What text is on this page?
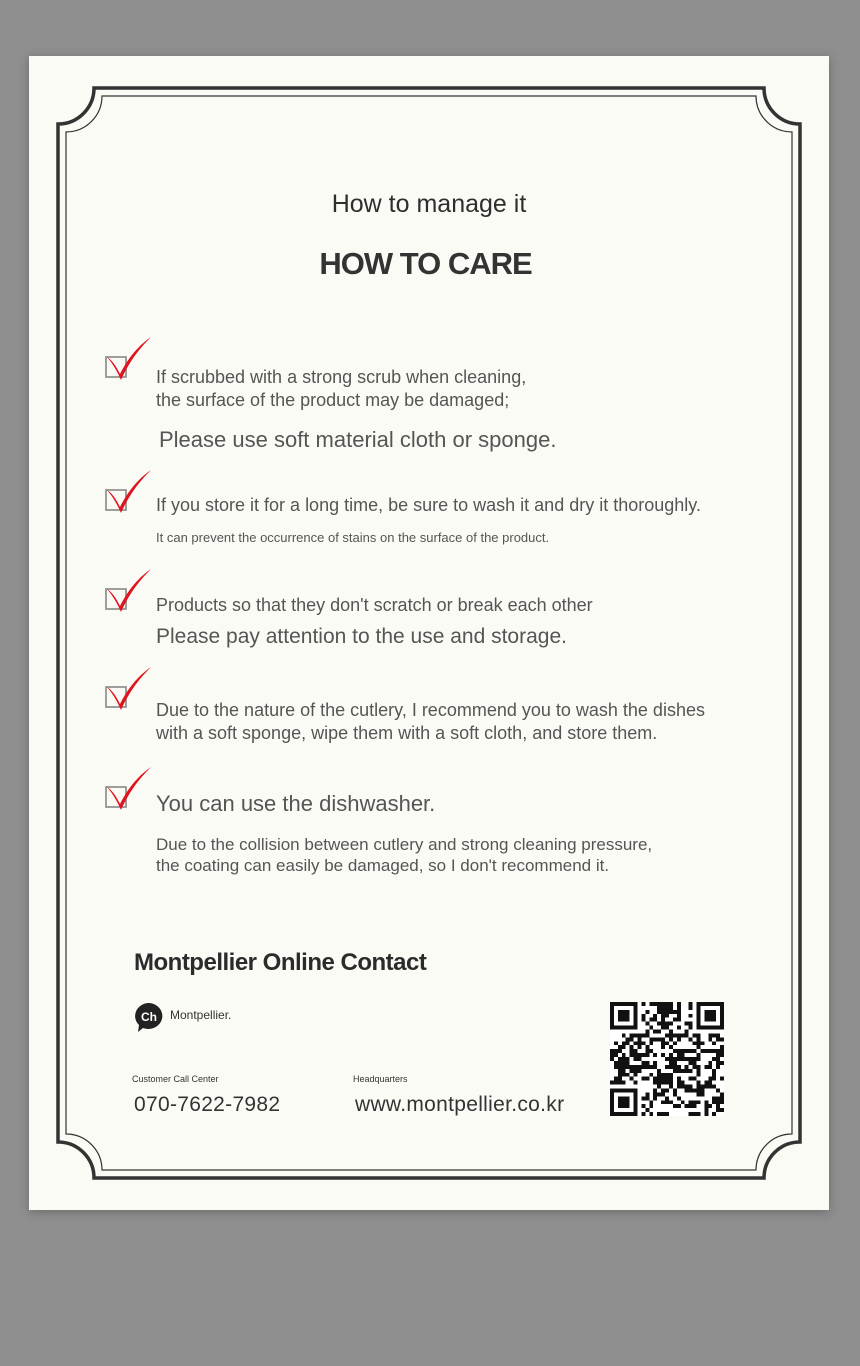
How to manage it
HOW TO CARE
If scrubbed with a strong scrub when cleaning,
the surface of the product may be damaged;
Please use soft material cloth or sponge.
If you store it for a long time, be sure to wash it and dry it thoroughly.
It can prevent the occurrence of stains on the surface of the product.
Products so that they don't scratch or break each other
Please pay attention to the use and storage.
Due to the nature of the cutlery, I recommend you to wash the dishes
with a soft sponge, wipe them with a soft cloth, and store them.
You can use the dishwasher.
Due to the collision between cutlery and strong cleaning pressure,
the coating can easily be damaged, so I don't recommend it.
Montpellier Online Contact
Ch Montpellier.
Customer Call Center
070-7622-7982
Headquarters
www.montpellier.co.kr
